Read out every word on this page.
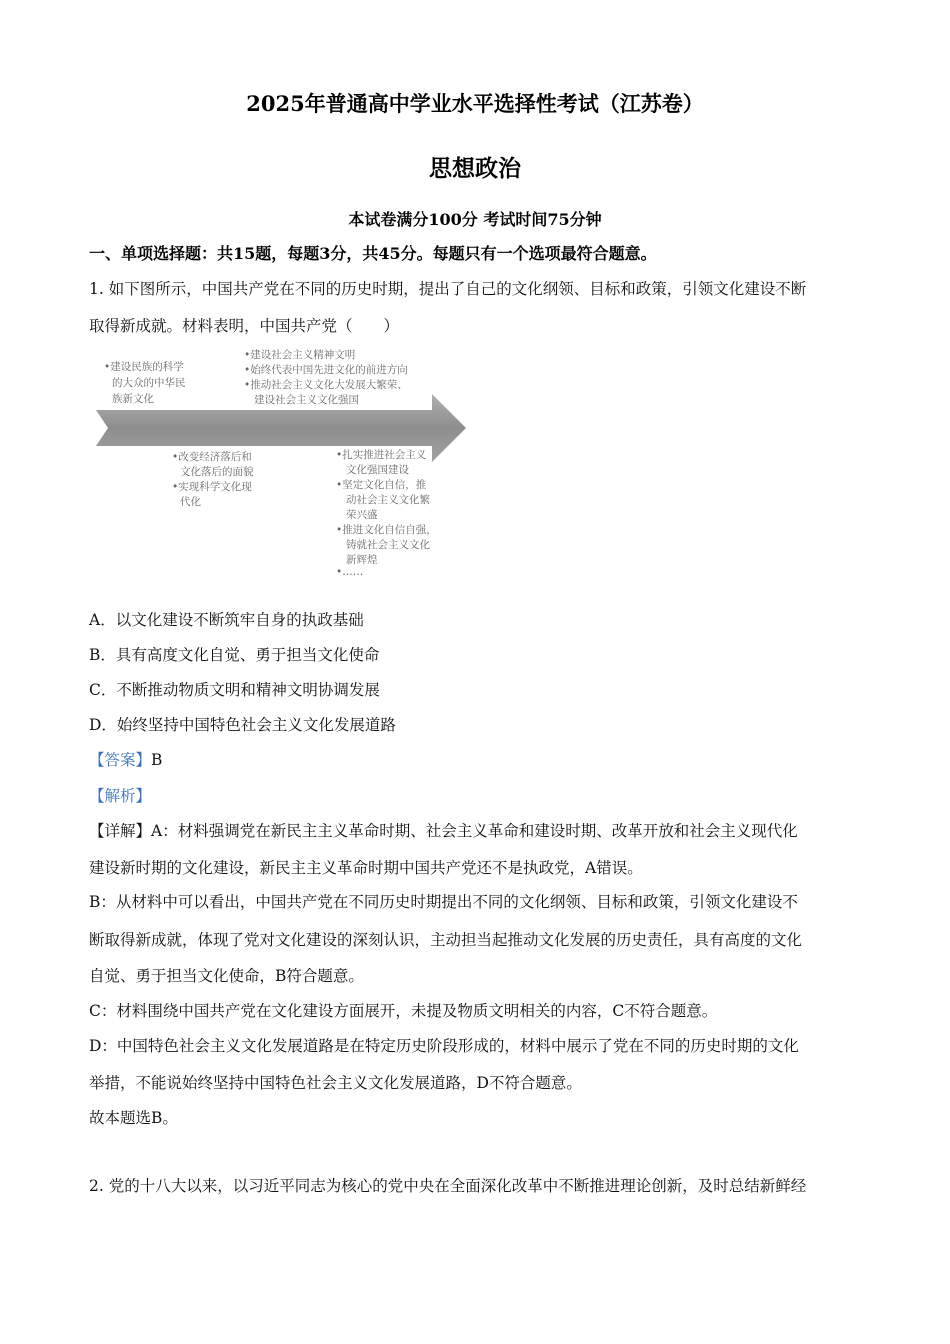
2025年普通高中学业水平选择性考试（江苏卷）
思想政治
本试卷满分100分 考试时间75分钟
一、单项选择题：共15题，每题3分，共45分。每题只有一个选项最符合题意。
1. 如下图所示，中国共产党在不同的历史时期，提出了自己的文化纲领、目标和政策，引领文化建设不断
取得新成就。材料表明，中国共产党（　　）
•建设民族的科学
的大众的中华民
族新文化
•建设社会主义精神文明
•始终代表中国先进文化的前进方向
•推动社会主义文化大发展大繁荣、
建设社会主义文化强国
•改变经济落后和
文化落后的面貌
•实现科学文化现
代化
•扎实推进社会主义
文化强国建设
•坚定文化自信，推
动社会主义文化繁
荣兴盛
•推进文化自信自强，
铸就社会主义文化
新辉煌
•……
A．以文化建设不断筑牢自身的执政基础
B．具有高度文化自觉、勇于担当文化使命
C．不断推动物质文明和精神文明协调发展
D．始终坚持中国特色社会主义文化发展道路
【答案】B
【解析】
【详解】A：材料强调党在新民主主义革命时期、社会主义革命和建设时期、改革开放和社会主义现代化
建设新时期的文化建设，新民主主义革命时期中国共产党还不是执政党，A错误。
B：从材料中可以看出，中国共产党在不同历史时期提出不同的文化纲领、目标和政策，引领文化建设不
断取得新成就，体现了党对文化建设的深刻认识，主动担当起推动文化发展的历史责任，具有高度的文化
自觉、勇于担当文化使命，B符合题意。
C：材料围绕中国共产党在文化建设方面展开，未提及物质文明相关的内容，C不符合题意。
D：中国特色社会主义文化发展道路是在特定历史阶段形成的，材料中展示了党在不同的历史时期的文化
举措，不能说始终坚持中国特色社会主义文化发展道路，D不符合题意。
故本题选B。
2. 党的十八大以来，以习近平同志为核心的党中央在全面深化改革中不断推进理论创新，及时总结新鲜经
